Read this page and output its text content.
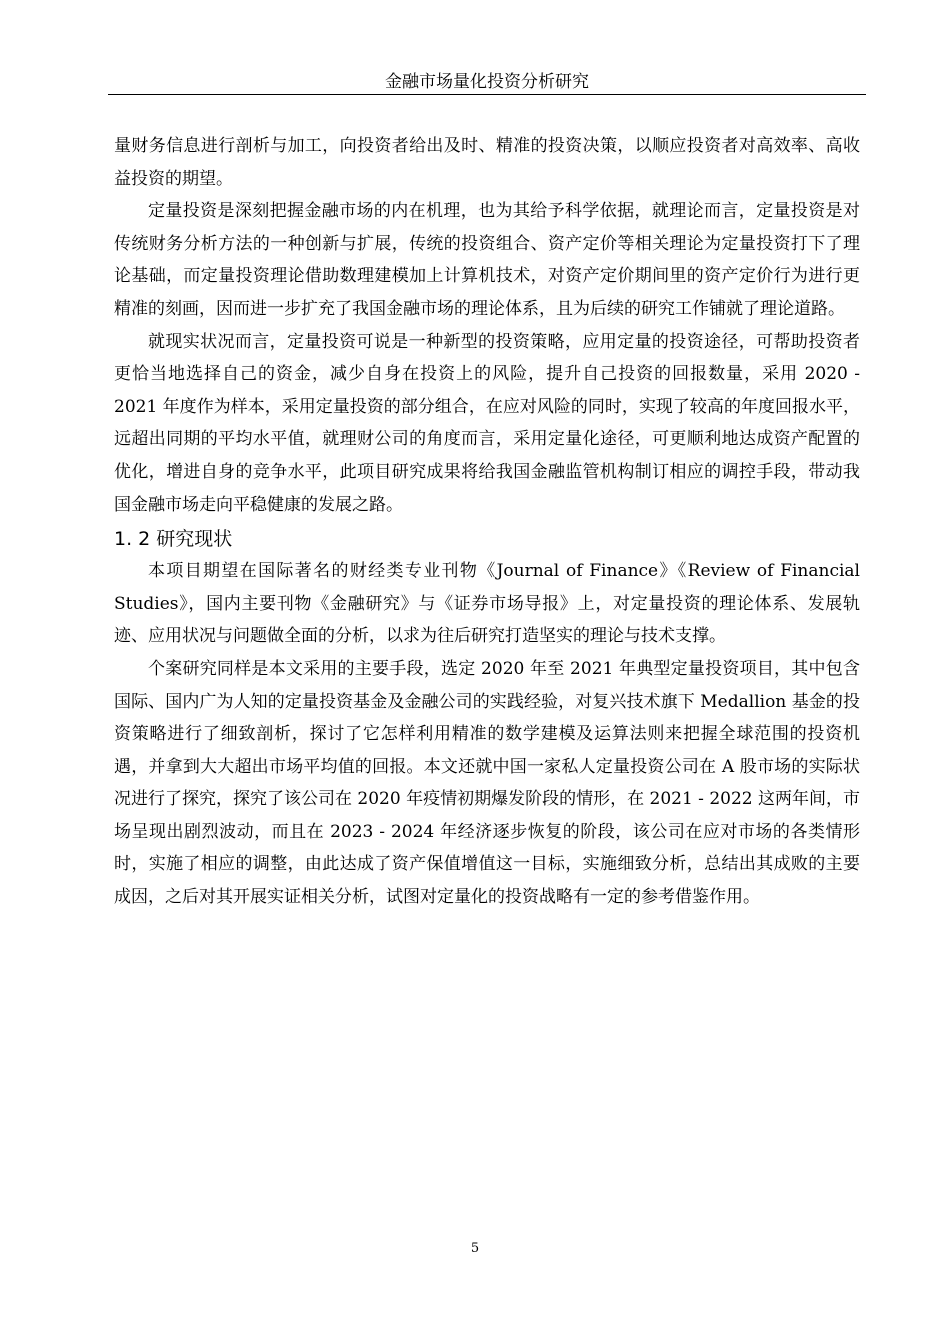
金融市场量化投资分析研究

量财务信息进行剖析与加工，向投资者给出及时、精准的投资决策，以顺应投资者对高效率、高收益投资的期望。

定量投资是深刻把握金融市场的内在机理，也为其给予科学依据，就理论而言，定量投资是对传统财务分析方法的一种创新与扩展，传统的投资组合、资产定价等相关理论为定量投资打下了理论基础，而定量投资理论借助数理建模加上计算机技术，对资产定价期间里的资产定价行为进行更精准的刻画，因而进一步扩充了我国金融市场的理论体系，且为后续的研究工作铺就了理论道路。

就现实状况而言，定量投资可说是一种新型的投资策略，应用定量的投资途径，可帮助投资者更恰当地选择自己的资金，减少自身在投资上的风险，提升自己投资的回报数量，采用 2020 - 2021 年度作为样本，采用定量投资的部分组合，在应对风险的同时，实现了较高的年度回报水平，远超出同期的平均水平值，就理财公司的角度而言，采用定量化途径，可更顺利地达成资产配置的优化，增进自身的竞争水平，此项目研究成果将给我国金融监管机构制订相应的调控手段，带动我国金融市场走向平稳健康的发展之路。

1. 2 研究现状

本项目期望在国际著名的财经类专业刊物《Journal of Finance》《Review of Financial Studies》，国内主要刊物《金融研究》与《证券市场导报》上，对定量投资的理论体系、发展轨迹、应用状况与问题做全面的分析，以求为往后研究打造坚实的理论与技术支撑。

个案研究同样是本文采用的主要手段，选定 2020 年至 2021 年典型定量投资项目，其中包含国际、国内广为人知的定量投资基金及金融公司的实践经验，对复兴技术旗下 Medallion 基金的投资策略进行了细致剖析，探讨了它怎样利用精准的数学建模及运算法则来把握全球范围的投资机遇，并拿到大大超出市场平均值的回报。本文还就中国一家私人定量投资公司在 A 股市场的实际状况进行了探究，探究了该公司在 2020 年疫情初期爆发阶段的情形，在 2021 - 2022 这两年间，市场呈现出剧烈波动，而且在 2023 - 2024 年经济逐步恢复的阶段，该公司在应对市场的各类情形时，实施了相应的调整，由此达成了资产保值增值这一目标，实施细致分析，总结出其成败的主要成因，之后对其开展实证相关分析，试图对定量化的投资战略有一定的参考借鉴作用。

5
